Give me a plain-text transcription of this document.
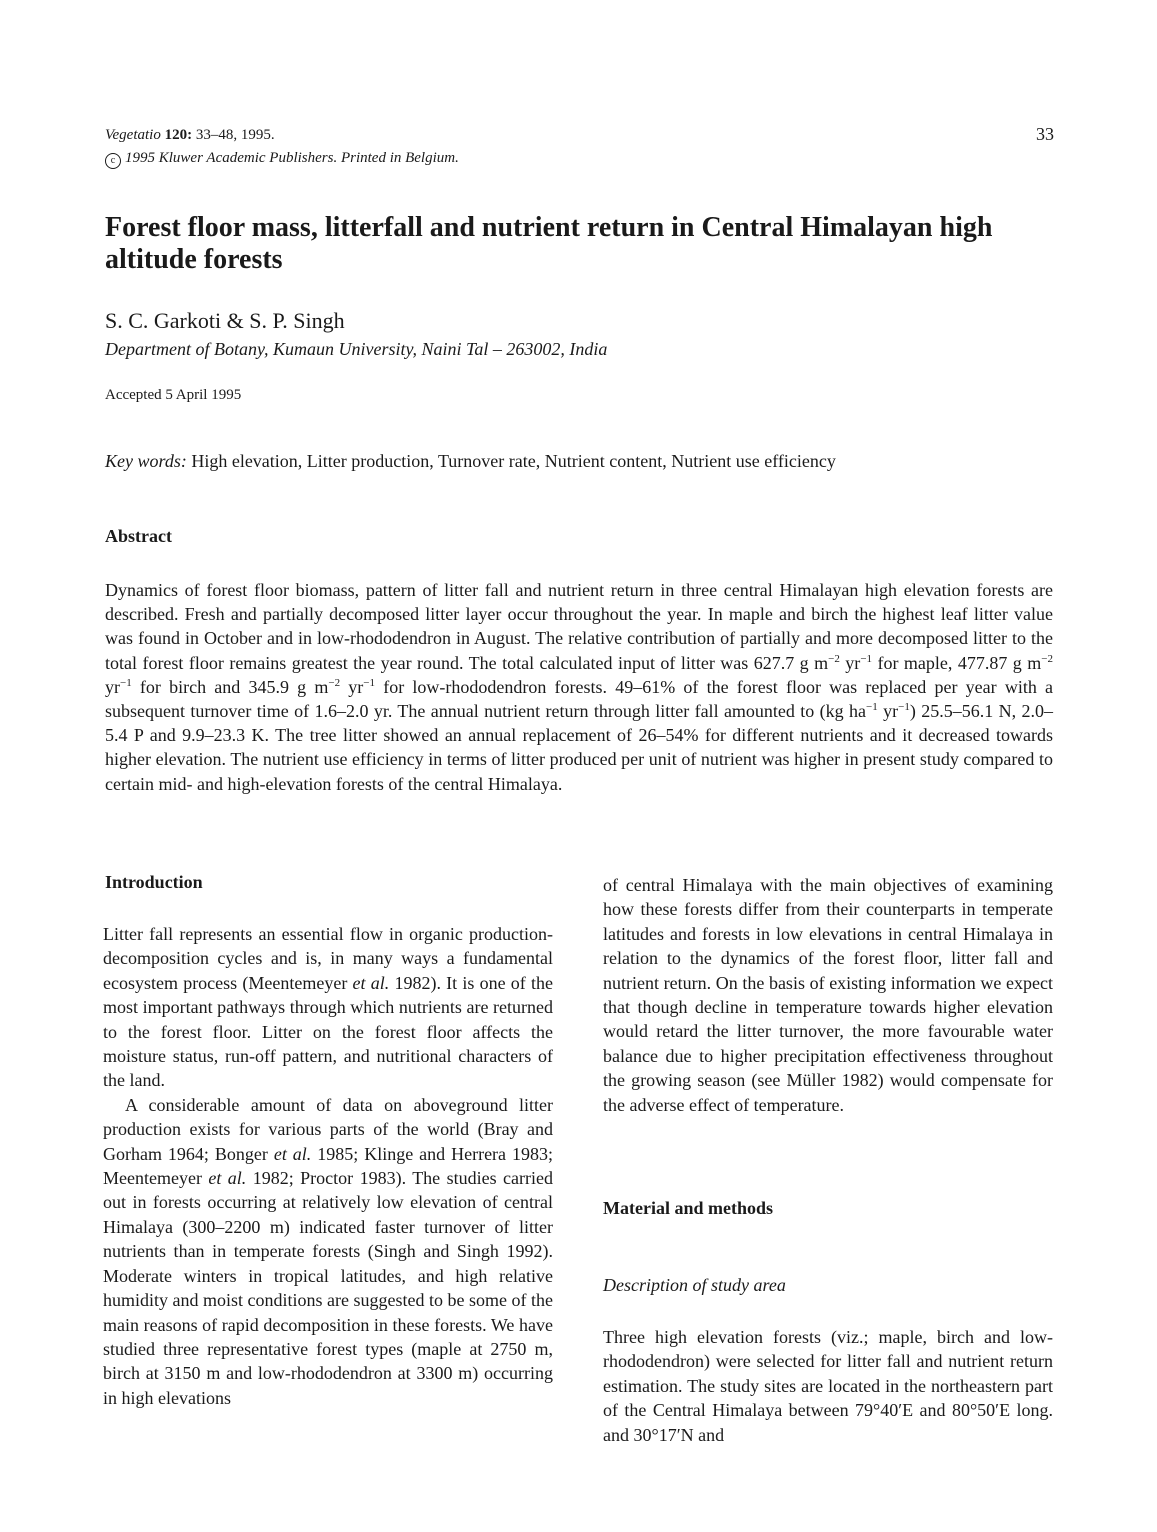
Vegetatio 120: 33–48, 1995.
c 1995 Kluwer Academic Publishers. Printed in Belgium.
33
Forest floor mass, litterfall and nutrient return in Central Himalayan high altitude forests
S. C. Garkoti & S. P. Singh
Department of Botany, Kumaun University, Naini Tal – 263002, India
Accepted 5 April 1995
Key words: High elevation, Litter production, Turnover rate, Nutrient content, Nutrient use efficiency
Abstract
Dynamics of forest floor biomass, pattern of litter fall and nutrient return in three central Himalayan high elevation forests are described. Fresh and partially decomposed litter layer occur throughout the year. In maple and birch the highest leaf litter value was found in October and in low-rhododendron in August. The relative contribution of partially and more decomposed litter to the total forest floor remains greatest the year round. The total calculated input of litter was 627.7 g $m^{-2}$ $yr^{-1}$ for maple, 477.87 g $m^{-2}$ $yr^{-1}$ for birch and 345.9 g $m^{-2}$ $yr^{-1}$ for low-rhododendron forests. 49–61% of the forest floor was replaced per year with a subsequent turnover time of 1.6–2.0 yr. The annual nutrient return through litter fall amounted to (kg $ha^{-1}$ $yr^{-1}$) 25.5–56.1 N, 2.0–5.4 P and 9.9–23.3 K. The tree litter showed an annual replacement of 26–54% for different nutrients and it decreased towards higher elevation. The nutrient use efficiency in terms of litter produced per unit of nutrient was higher in present study compared to certain mid- and high-elevation forests of the central Himalaya.
Introduction

Litter fall represents an essential flow in organic production-decomposition cycles and is, in many ways a fundamental ecosystem process (Meentemeyer et al. 1982). It is one of the most important pathways through which nutrients are returned to the forest floor. Litter on the forest floor affects the moisture status, run-off pattern, and nutritional characters of the land.

A considerable amount of data on aboveground litter production exists for various parts of the world (Bray and Gorham 1964; Bonger et al. 1985; Klinge and Herrera 1983; Meentemeyer et al. 1982; Proctor 1983). The studies carried out in forests occurring at relatively low elevation of central Himalaya (300–2200 m) indicated faster turnover of litter nutrients than in temperate forests (Singh and Singh 1992). Moderate winters in tropical latitudes, and high relative humidity and moist conditions are suggested to be some of the main reasons of rapid decomposition in these forests. We have studied three representative forest types (maple at 2750 m, birch at 3150 m and low-rhododendron at 3300 m) occurring in high elevations

of central Himalaya with the main objectives of examining how these forests differ from their counterparts in temperate latitudes and forests in low elevations in central Himalaya in relation to the dynamics of the forest floor, litter fall and nutrient return. On the basis of existing information we expect that though decline in temperature towards higher elevation would retard the litter turnover, the more favourable water balance due to higher precipitation effectiveness throughout the growing season (see Müller 1982) would compensate for the adverse effect of temperature.

Material and methods
Description of study area

Three high elevation forests (viz.; maple, birch and low-rhododendron) were selected for litter fall and nutrient return estimation. The study sites are located in the northeastern part of the Central Himalaya between 79°40′E and 80°50′E long. and 30°17′N and
